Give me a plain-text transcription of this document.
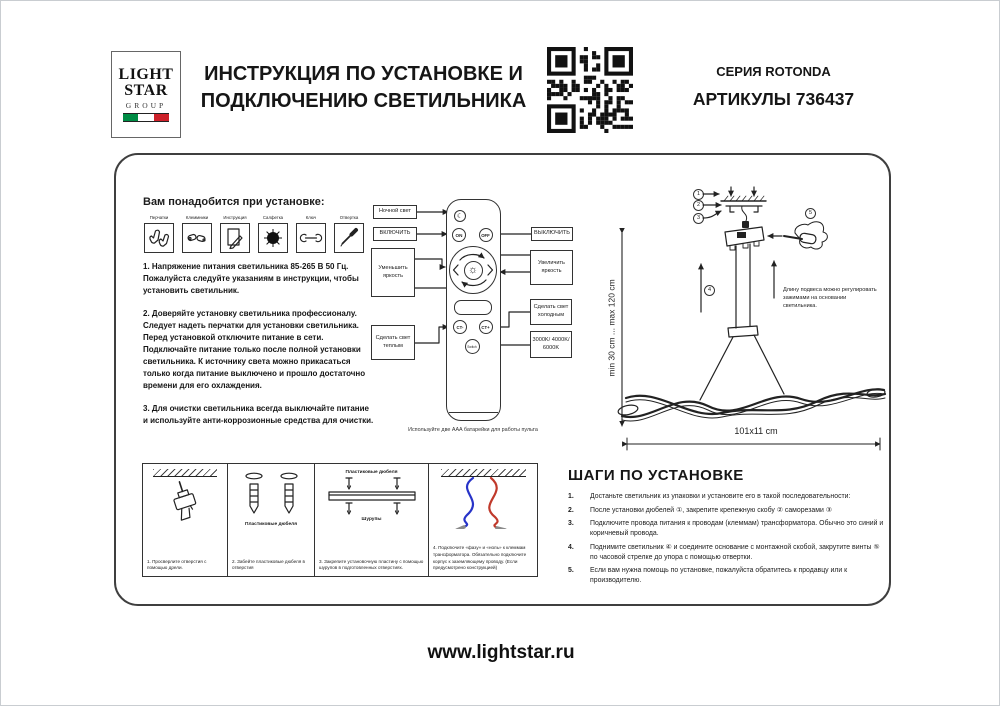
LIGHT
STAR
GROUP
ИНСТРУКЦИЯ ПО УСТАНОВКЕ И
ПОДКЛЮЧЕНИЮ СВЕТИЛЬНИКА
СЕРИЯ ROTONDA
АРТИКУЛЫ 736437
Вам понадобится при установке:
Перчатки	Клеммники	Инструкция	Салфетка	Ключ	Отвертка

1. Напряжение питания светильника 85-265 В 50 Гц. Пожалуйста следуйте указаниям в инструкции, чтобы установить светильник.

2. Доверяйте установку светильника профессионалу. Следует надеть перчатки для установки светильника. Перед установкой отключите питание в сети. Подключайте питание только после полной установки светильника. К источнику света можно прикасаться только когда питание выключено и прошло достаточно времени для его охлаждения.

3. Для очистки светильника всегда выключайте питание и используйте анти-коррозионные средства для очистки.

☾
ON	OFF
☼
CT-	CT+
Switch
Ночной свет
ВКЛЮЧИТЬ
Уменьшить яркость
Сделать свет теплым
ВЫКЛЮЧИТЬ
Увеличить яркость
Сделать свет холодным
3000K/ 4000K/ 6000K
Используйте две AAA батарейки для работы пульта
1
2
3
4
5
min 30 cm ... max 120 cm
101x11 cm
Длину подвеса можно регулировать зажимами на основании светильника.
1. Просверлите отверстия с помощью дрели.
Пластиковые дюбеля
2. Забейте пластиковые дюбеля в отверстия
Пластиковые дюбеля
Шурупы
3. Закрепите установочную пластину с помощью шурупов в подготовленных отверстиях.
4. Подключите «фазу» и «ноль» к клеммам трансформатора. Обязательно подключите корпус к заземляющему проводу. (Если предусмотрено конструкцией)
ШАГИ ПО УСТАНОВКЕ
1.	Достаньте светильник из упаковки и установите его в такой последовательности:
2.	После установки дюбелей ①, закрепите крепежную скобу ② саморезами ③
3.	Подключите провода питания к проводам (клеммам) трансформатора. Обычно это синий и коричневый провода.
4.	Поднимите светильник ④ и соедините основание с монтажной скобой, закрутите винты ⑤ по часовой стрелке до упора с помощью отвертки.
5.	Если вам нужна помощь по установке, пожалуйста обратитесь к продавцу или к производителю.
www.lightstar.ru
